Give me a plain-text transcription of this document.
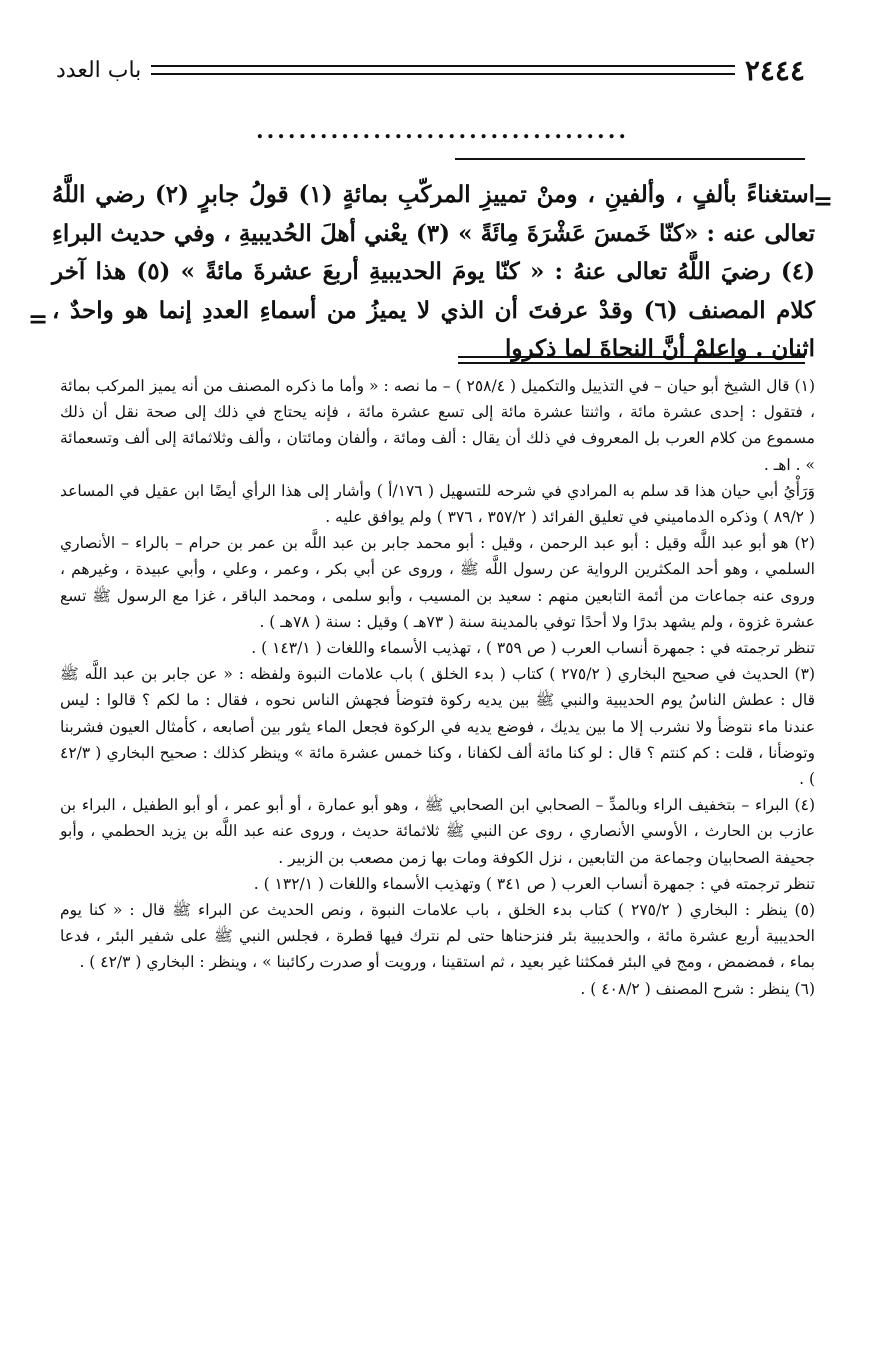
٢٤٤٤
باب العدد
...................................
=

استغناءً بألفٍ ، وألفينِ ، ومنْ تمييزِ المركّبِ بمائةٍ (١) قولُ جابرٍ (٢) رضي اللَّهُ تعالى عنه : «كنّا خَمسَ عَشْرَةَ مِائَةً » (٣) يعْني أهلَ الحُديبيةِ ، وفي حديث البراءِ (٤) رضيَ اللَّهُ تعالى عنهُ : « كنّا يومَ الحديبيةِ أربعَ عشرةَ مائةً » (٥) هذا آخر كلام المصنف (٦) وقدْ عرفتَ أن الذي لا يميزُ من أسماءِ العددِ إنما هو واحدٌ ، اثنان . واعلمْ أنَّ النحاةَ لما ذكروا

=

(١) قال الشيخ أبو حيان – في التذييل والتكميل ( ٢٥٨/٤ ) – ما نصه : « وأما ما ذكره المصنف من أنه يميز المركب بمائة ، فتقول : إحدى عشرة مائة ، واثنتا عشرة مائة إلى تسع عشرة مائة ، فإنه يحتاج في ذلك إلى صحة نقل أن ذلك مسموع من كلام العرب بل المعروف في ذلك أن يقال : ألف ومائة ، وألفان ومائتان ، وألف وثلاثمائة إلى ألف وتسعمائة » . اهـ .

وَرَأْيُ أبي حيان هذا قد سلم به المرادي في شرحه للتسهيل ( ١٧٦/أ ) وأشار إلى هذا الرأي أيضًا ابن عقيل في المساعد ( ٨٩/٢ ) وذكره الدماميني في تعليق الفرائد ( ٣٥٧/٢ ، ٣٧٦ ) ولم يوافق عليه .

(٢) هو أبو عبد اللَّه وقيل : أبو عبد الرحمن ، وقيل : أبو محمد جابر بن عبد اللَّه بن عمر بن حرام – بالراء – الأنصاري السلمي ، وهو أحد المكثرين الرواية عن رسول اللَّه ﷺ ، وروى عن أبي بكر ، وعمر ، وعلي ، وأبي عبيدة ، وغيرهم ، وروى عنه جماعات من أئمة التابعين منهم : سعيد بن المسيب ، وأبو سلمى ، ومحمد الباقر ، غزا مع الرسول ﷺ تسع عشرة غزوة ، ولم يشهد بدرًا ولا أحدًا توفي بالمدينة سنة ( ٧٣هـ ) وقيل : سنة ( ٧٨هـ ) .

تنظر ترجمته في : جمهرة أنساب العرب ( ص ٣٥٩ ) ، تهذيب الأسماء واللغات ( ١٤٣/١ ) .

(٣) الحديث في صحيح البخاري ( ٢٧٥/٢ ) كتاب ( بدء الخلق ) باب علامات النبوة ولفظه : « عن جابر بن عبد اللَّه ﷺ قال : عطش الناسُ يوم الحديبية والنبي ﷺ بين يديه ركوة فتوضأ فجهش الناس نحوه ، فقال : ما لكم ؟ قالوا : ليس عندنا ماء نتوضأ ولا نشرب إلا ما بين يديك ، فوضع يديه في الركوة فجعل الماء يثور بين أصابعه ، كأمثال العيون فشربنا وتوضأنا ، قلت : كم كنتم ؟ قال : لو كنا مائة ألف لكفانا ، وكنا خمس عشرة مائة » وينظر كذلك : صحيح البخاري ( ٤٢/٣ ) .

(٤) البراء – بتخفيف الراء وبالمدِّ – الصحابي ابن الصحابي ﷺ ، وهو أبو عمارة ، أو أبو عمر ، أو أبو الطفيل ، البراء بن عازب بن الحارث ، الأوسي الأنصاري ، روى عن النبي ﷺ ثلاثمائة حديث ، وروى عنه عبد اللَّه بن يزيد الحطمي ، وأبو جحيفة الصحابيان وجماعة من التابعين ، نزل الكوفة ومات بها زمن مصعب بن الزبير .

تنظر ترجمته في : جمهرة أنساب العرب ( ص ٣٤١ ) وتهذيب الأسماء واللغات ( ١٣٢/١ ) .

(٥) ينظر : البخاري ( ٢٧٥/٢ ) كتاب بدء الخلق ، باب علامات النبوة ، ونص الحديث عن البراء ﷺ قال : « كنا يوم الحديبية أربع عشرة مائة ، والحديبية بئر فنزحناها حتى لم نترك فيها قطرة ، فجلس النبي ﷺ على شفير البئر ، فدعا بماء ، فمضمض ، ومج في البئر فمكثنا غير بعيد ، ثم استقينا ، ورويت أو صدرت ركائبنا » ، وينظر : البخاري ( ٤٢/٣ ) .

(٦) ينظر : شرح المصنف ( ٤٠٨/٢ ) .
